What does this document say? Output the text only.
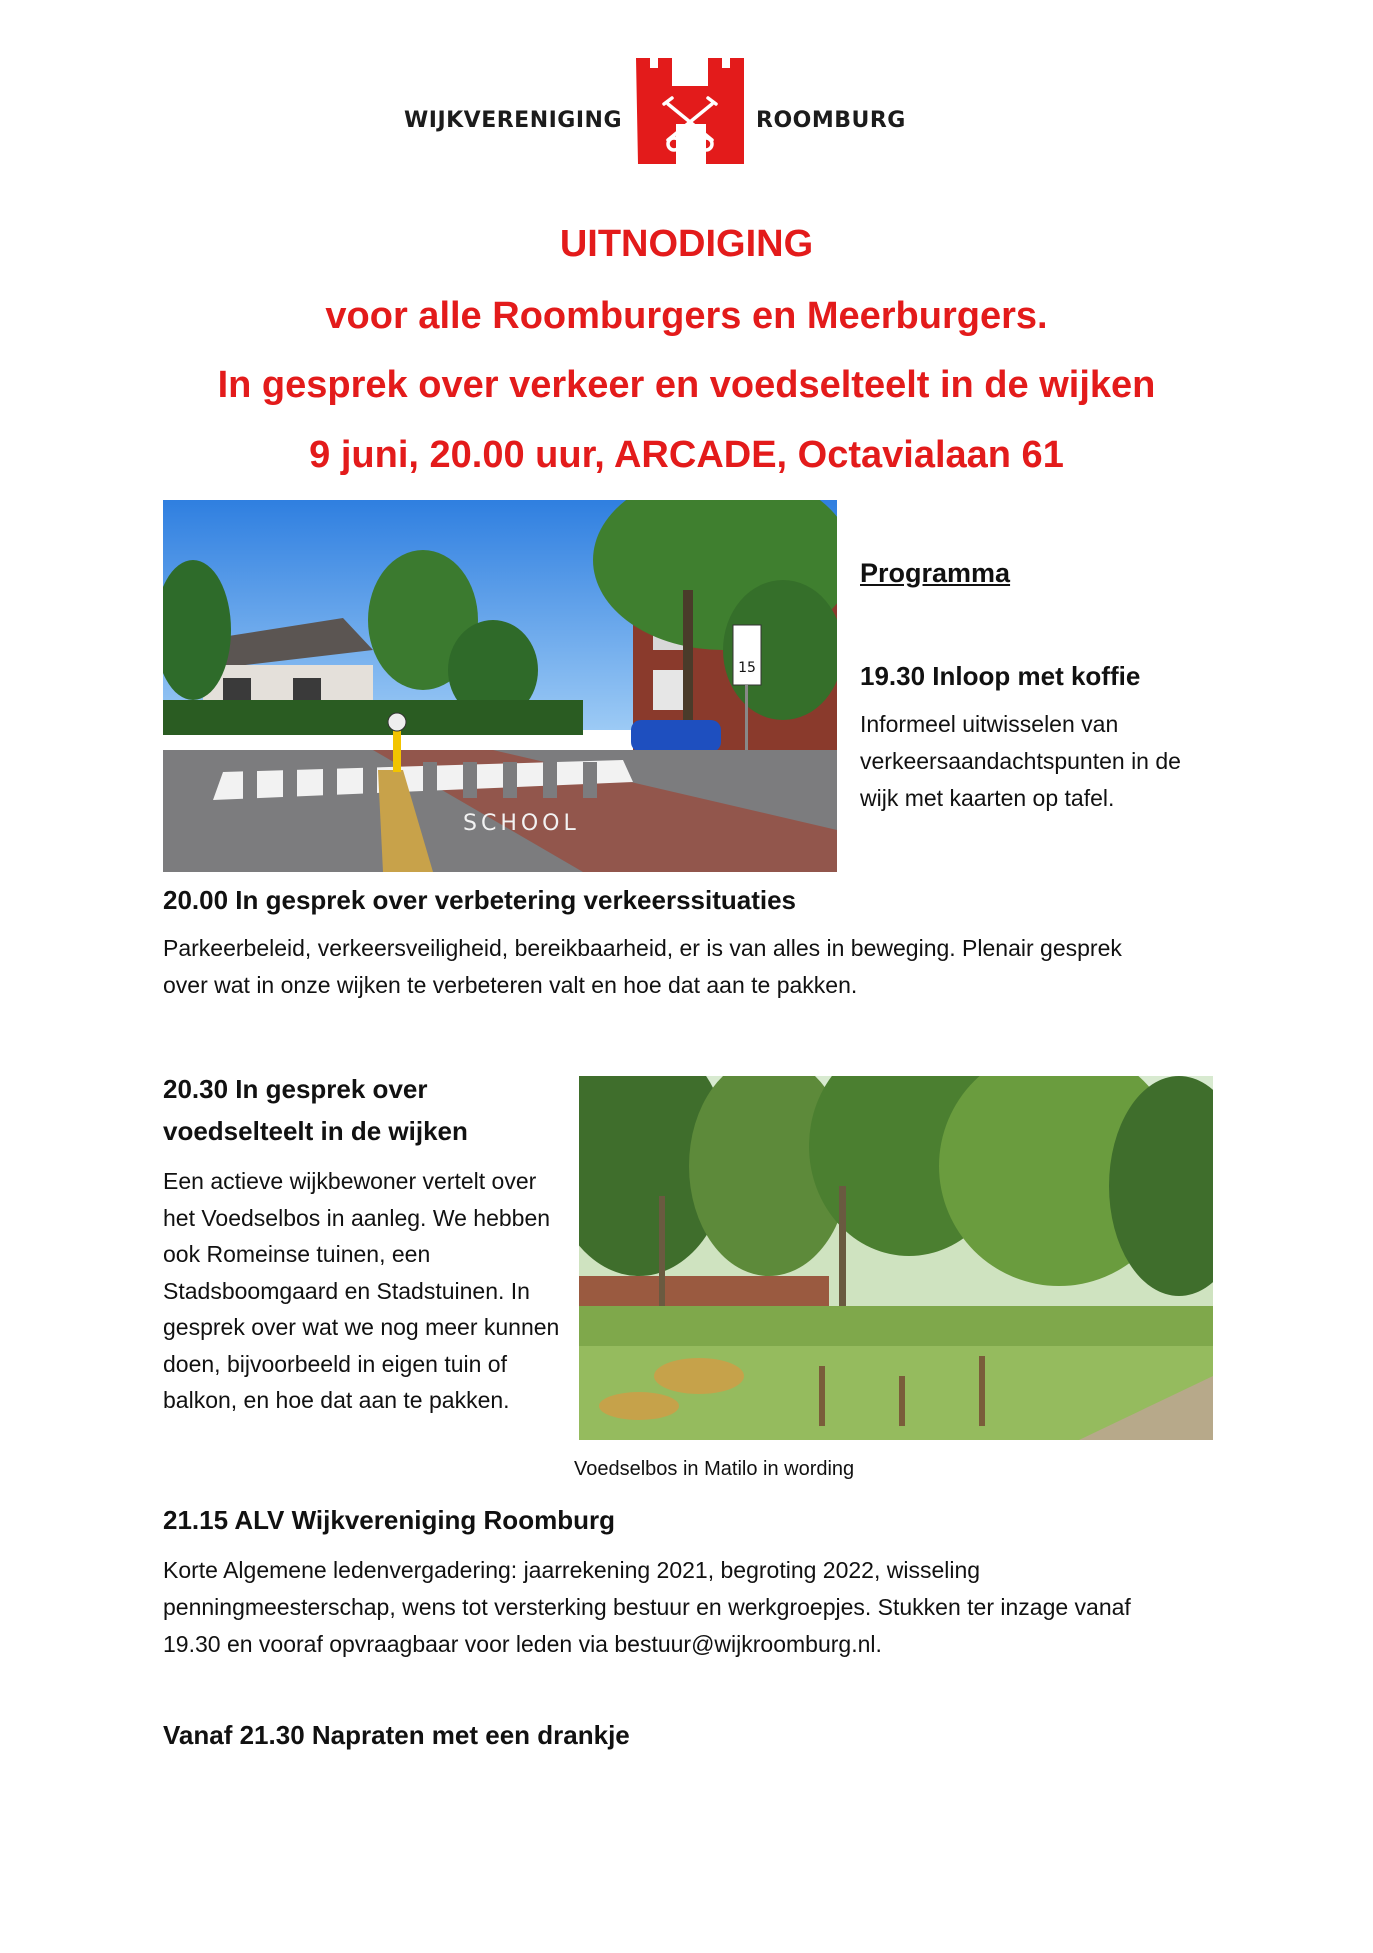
WIJKVERENIGING	ROOMBURG
UITNODIGING
voor alle Roomburgers en Meerburgers.
In gesprek over verkeer en voedselteelt in de wijken
9 juni, 20.00 uur, ARCADE, Octavialaan 61
15
SCHOOL
Programma
19.30 Inloop met koffie
Informeel uitwisselen van verkeersaandachtspunten in de wijk met kaarten op tafel.
20.00 In gesprek over verbetering verkeerssituaties
Parkeerbeleid, verkeersveiligheid, bereikbaarheid, er is van alles in beweging. Plenair gesprek over wat in onze wijken te verbeteren valt en hoe dat aan te pakken.
20.30 In gesprek over voedselteelt in de wijken
Een actieve wijkbewoner vertelt over het Voedselbos in aanleg. We hebben ook Romeinse tuinen, een Stadsboomgaard en Stadstuinen. In gesprek over wat we nog meer kunnen doen, bijvoorbeeld in eigen tuin of balkon, en hoe dat aan te pakken.
Voedselbos in Matilo in wording
21.15 ALV Wijkvereniging Roomburg
Korte Algemene ledenvergadering: jaarrekening 2021, begroting 2022, wisseling penningmeesterschap, wens tot versterking bestuur en werkgroepjes. Stukken ter inzage vanaf 19.30 en vooraf opvraagbaar voor leden via bestuur@wijkroomburg.nl.
Vanaf 21.30 Napraten met een drankje
